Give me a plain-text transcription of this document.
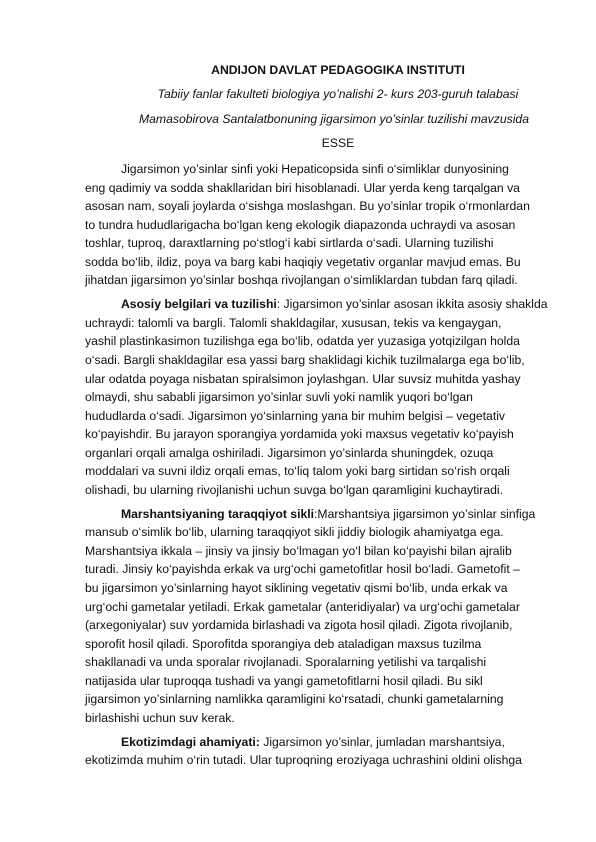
ANDIJON DAVLAT PEDAGOGIKA INSTITUTI
Tabiiy fanlar fakulteti biologiya yo’nalishi 2- kurs 203-guruh talabasi
Mamasobirova Santalatbonuning jigarsimon yo’sinlar tuzilishi mavzusida
ESSE
Jigarsimon yo’sinlar sinfi yoki Hepaticopsida sinfi o‘simliklar dunyosining
eng qadimiy va sodda shakllaridan biri hisoblanadi. Ular yerda keng tarqalgan va
asosan nam, soyali joylarda o‘sishga moslashgan. Bu yo’sinlar tropik o‘rmonlardan
to tundra hududlarigacha bo‘lgan keng ekologik diapazonda uchraydi va asosan
toshlar, tuproq, daraxtlarning po‘stlog‘i kabi sirtlarda o‘sadi. Ularning tuzilishi
sodda bo‘lib, ildiz, poya va barg kabi haqiqiy vegetativ organlar mavjud emas. Bu
jihatdan jigarsimon yo’sinlar boshqa rivojlangan o‘simliklardan tubdan farq qiladi.
Asosiy belgilari va tuzilishi: Jigarsimon yo’sinlar asosan ikkita asosiy shaklda
uchraydi: talomli va bargli. Talomli shakldagilar, xususan, tekis va kengaygan,
yashil plastinkasimon tuzilishga ega bo‘lib, odatda yer yuzasiga yotqizilgan holda
o‘sadi. Bargli shakldagilar esa yassi barg shaklidagi kichik tuzilmalarga ega bo‘lib,
ular odatda poyaga nisbatan spiralsimon joylashgan. Ular suvsiz muhitda yashay
olmaydi, shu sababli jigarsimon yo’sinlar suvli yoki namlik yuqori bo‘lgan
hududlarda o‘sadi. Jigarsimon yo‘sinlarning yana bir muhim belgisi – vegetativ
ko‘payishdir. Bu jarayon sporangiya yordamida yoki maxsus vegetativ ko‘payish
organlari orqali amalga oshiriladi. Jigarsimon yo’sinlarda shuningdek, ozuqa
moddalari va suvni ildiz orqali emas, to‘liq talom yoki barg sirtidan so‘rish orqali
olishadi, bu ularning rivojlanishi uchun suvga bo‘lgan qaramligini kuchaytiradi.
Marshantsiyaning taraqqiyot sikli:Marshantsiya jigarsimon yo’sinlar sinfiga
mansub o‘simlik bo‘lib, ularning taraqqiyot sikli jiddiy biologik ahamiyatga ega.
Marshantsiya ikkala – jinsiy va jinsiy bo‘lmagan yo‘l bilan ko‘payishi bilan ajralib
turadi. Jinsiy ko‘payishda erkak va urg‘ochi gametofitlar hosil bo‘ladi. Gametofit –
bu jigarsimon yo’sinlarning hayot siklining vegetativ qismi bo‘lib, unda erkak va
urg‘ochi gametalar yetiladi. Erkak gametalar (anteridiyalar) va urg‘ochi gametalar
(arxegoniyalar) suv yordamida birlashadi va zigota hosil qiladi. Zigota rivojlanib,
sporofit hosil qiladi. Sporofitda sporangiya deb ataladigan maxsus tuzilma
shakllanadi va unda sporalar rivojlanadi. Sporalarning yetilishi va tarqalishi
natijasida ular tuproqqa tushadi va yangi gametofitlarni hosil qiladi. Bu sikl
jigarsimon yo’sinlarning namlikka qaramligini ko‘rsatadi, chunki gametalarning
birlashishi uchun suv kerak.
Ekotizimdagi ahamiyati: Jigarsimon yo’sinlar, jumladan marshantsiya,
ekotizimda muhim o‘rin tutadi. Ular tuproqning eroziyaga uchrashini oldini olishga
